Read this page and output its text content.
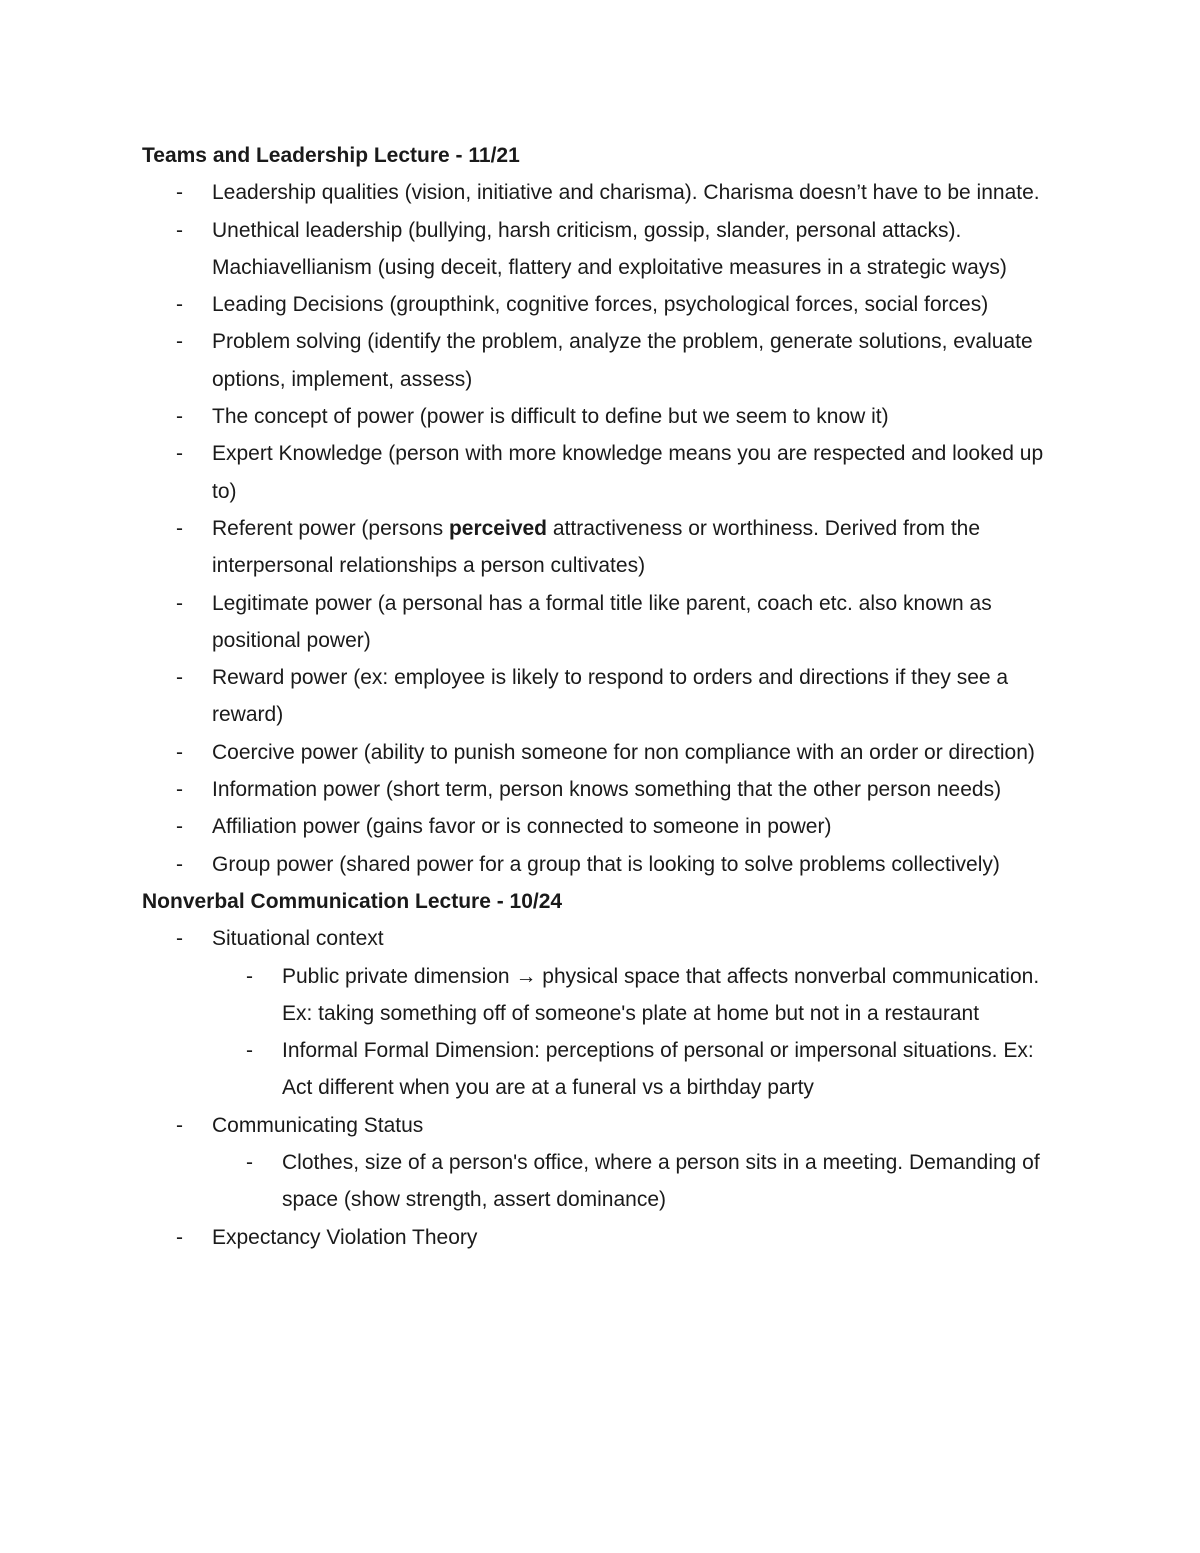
Teams and Leadership Lecture - 11/21

- Leadership qualities (vision, initiative and charisma). Charisma doesn’t have to be innate.
- Unethical leadership (bullying, harsh criticism, gossip, slander, personal attacks). Machiavellianism (using deceit, flattery and exploitative measures in a strategic ways)
- Leading Decisions (groupthink, cognitive forces, psychological forces, social forces)
- Problem solving (identify the problem, analyze the problem, generate solutions, evaluate options, implement, assess)
- The concept of power (power is difficult to define but we seem to know it)
- Expert Knowledge (person with more knowledge means you are respected and looked up to)
- Referent power (persons perceived attractiveness or worthiness. Derived from the interpersonal relationships a person cultivates)
- Legitimate power (a personal has a formal title like parent, coach etc. also known as positional power)
- Reward power (ex: employee is likely to respond to orders and directions if they see a reward)
- Coercive power (ability to punish someone for non compliance with an order or direction)
- Information power (short term, person knows something that the other person needs)
- Affiliation power (gains favor or is connected to someone in power)
- Group power (shared power for a group that is looking to solve problems collectively)

Nonverbal Communication Lecture - 10/24

- Situational context
- Public private dimension → physical space that affects nonverbal communication. Ex: taking something off of someone's plate at home but not in a restaurant
- Informal Formal Dimension: perceptions of personal or impersonal situations. Ex: Act different when you are at a funeral vs a birthday party
- Communicating Status
- Clothes, size of a person's office, where a person sits in a meeting. Demanding of space (show strength, assert dominance)
- Expectancy Violation Theory
